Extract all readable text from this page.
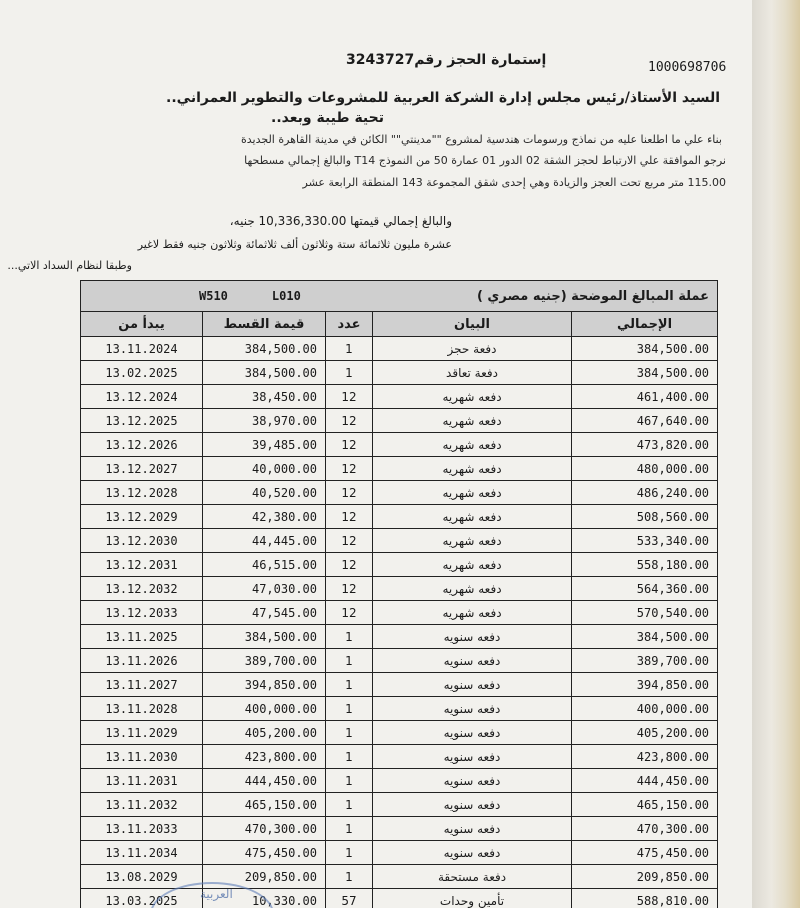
1000698706
إستمارة الحجز رقم3243727
السيد الأستاذ/رئيس مجلس إدارة الشركة العربية للمشروعات والتطوير العمراني..
تحية طيبة وبعد..
بناء علي ما اطلعنا عليه من نماذج ورسومات هندسية لمشروع ""مدينتي"" الكائن في مدينة القاهرة الجديدة
نرجو الموافقة علي الارتباط لحجز الشقة 02 الدور 01 عمارة 50 من النموذج T14 والبالغ إجمالي مسطحها
115.00 متر مربع تحت العجز والزيادة وهي إحدى شقق المجموعة 143 المنطقة الرابعة عشر
والبالغ إجمالي قيمتها 10,336,330.00 جنيه،
عشرة مليون ثلاثمائة ستة وثلاثون ألف ثلاثمائة وثلاثون جنيه فقط لاغير
وطبقا لنظام السداد الاتي...
عملة المبالغ الموضحة (جنيه مصري )
W510 L010				

يبدأ من	قيمة القسط	عدد	البيان	الإجمالي
13.11.2024	384,500.00	1	دفعة حجز	384,500.00
13.02.2025	384,500.00	1	دفعة تعاقد	384,500.00
13.12.2024	38,450.00	12	دفعه شهريه	461,400.00
13.12.2025	38,970.00	12	دفعه شهريه	467,640.00
13.12.2026	39,485.00	12	دفعه شهريه	473,820.00
13.12.2027	40,000.00	12	دفعه شهريه	480,000.00
13.12.2028	40,520.00	12	دفعه شهريه	486,240.00
13.12.2029	42,380.00	12	دفعه شهريه	508,560.00
13.12.2030	44,445.00	12	دفعه شهريه	533,340.00
13.12.2031	46,515.00	12	دفعه شهريه	558,180.00
13.12.2032	47,030.00	12	دفعه شهريه	564,360.00
13.12.2033	47,545.00	12	دفعه شهريه	570,540.00
13.11.2025	384,500.00	1	دفعه سنويه	384,500.00
13.11.2026	389,700.00	1	دفعه سنويه	389,700.00
13.11.2027	394,850.00	1	دفعه سنويه	394,850.00
13.11.2028	400,000.00	1	دفعه سنويه	400,000.00
13.11.2029	405,200.00	1	دفعه سنويه	405,200.00
13.11.2030	423,800.00	1	دفعه سنويه	423,800.00
13.11.2031	444,450.00	1	دفعه سنويه	444,450.00
13.11.2032	465,150.00	1	دفعه سنويه	465,150.00
13.11.2033	470,300.00	1	دفعه سنويه	470,300.00
13.11.2034	475,450.00	1	دفعه سنويه	475,450.00
13.08.2029	209,850.00	1	دفعة مستحقة	209,850.00
13.03.2025	10,330.00	57	تأمين وحدات	588,810.00
العربية
